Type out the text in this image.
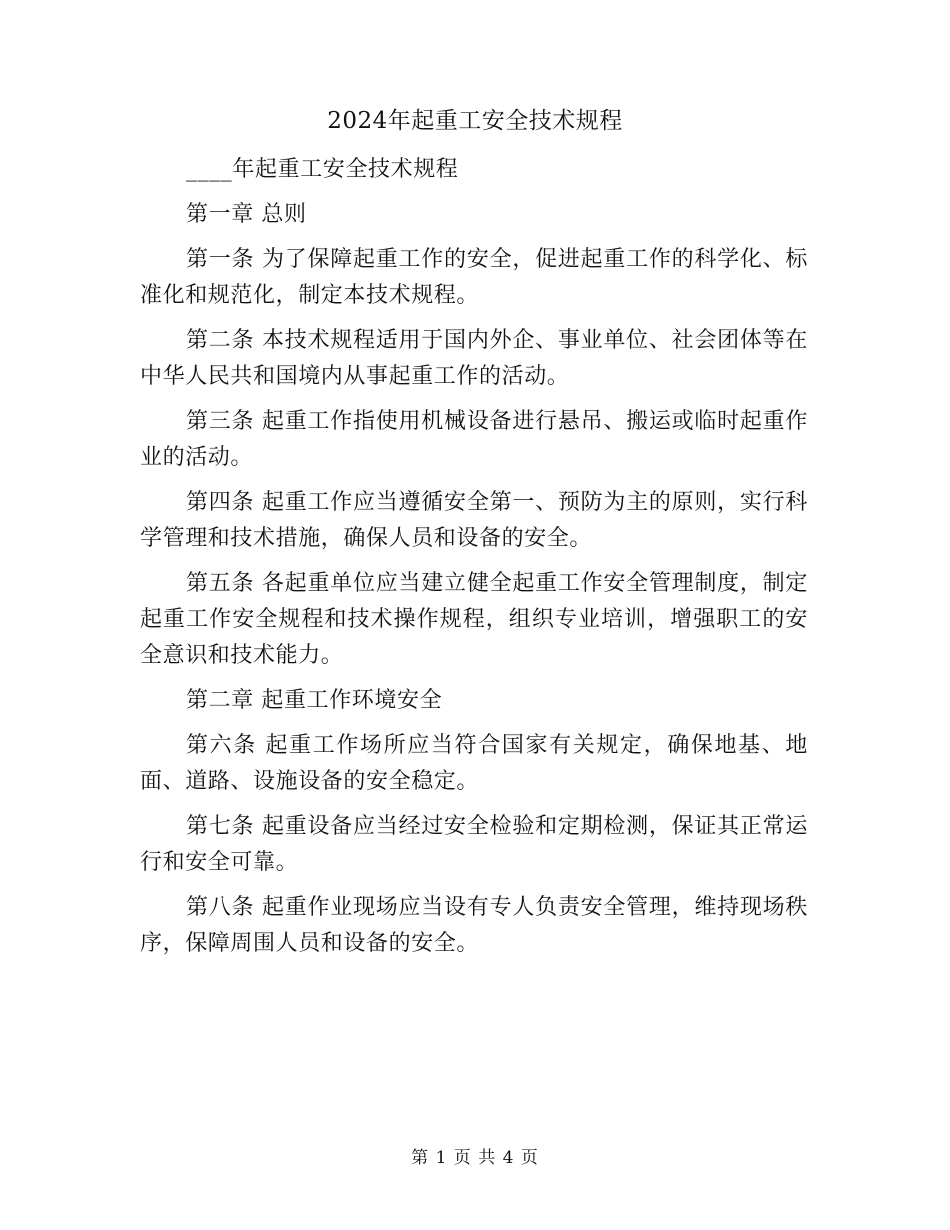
2024年起重工安全技术规程

____年起重工安全技术规程

第一章 总则

第一条 为了保障起重工作的安全，促进起重工作的科学化、标准化和规范化，制定本技术规程。

第二条 本技术规程适用于国内外企、事业单位、社会团体等在中华人民共和国境内从事起重工作的活动。

第三条 起重工作指使用机械设备进行悬吊、搬运或临时起重作业的活动。

第四条 起重工作应当遵循安全第一、预防为主的原则，实行科学管理和技术措施，确保人员和设备的安全。

第五条 各起重单位应当建立健全起重工作安全管理制度，制定起重工作安全规程和技术操作规程，组织专业培训，增强职工的安全意识和技术能力。

第二章 起重工作环境安全

第六条 起重工作场所应当符合国家有关规定，确保地基、地面、道路、设施设备的安全稳定。

第七条 起重设备应当经过安全检验和定期检测，保证其正常运行和安全可靠。

第八条 起重作业现场应当设有专人负责安全管理，维持现场秩序，保障周围人员和设备的安全。

第 1 页 共 4 页
